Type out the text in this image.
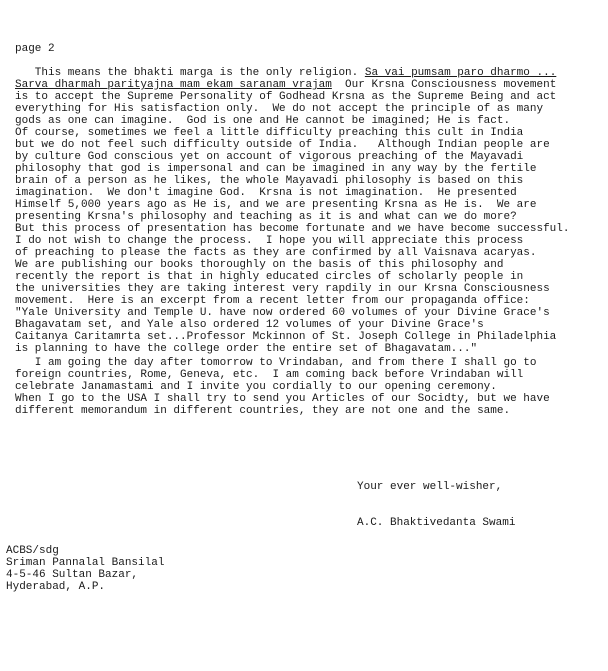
page 2
This means the bhakti marga is the only religion. Sa vai pumsam paro dharmo ...
Sarva dharmah parityajna mam ekam saranam vrajam  Our Krsna Consciousness movement
is to accept the Supreme Personality of Godhead Krsna as the Supreme Being and act
everything for His satisfaction only.  We do not accept the principle of as many
gods as one can imagine.  God is one and He cannot be imagined; He is fact.
Of course, sometimes we feel a little difficulty preaching this cult in India
but we do not feel such difficulty outside of India.   Although Indian people are
by culture God conscious yet on account of vigorous preaching of the Mayavadi
philosophy that god is impersonal and can be imagined in any way by the fertile
brain of a person as he likes, the whole Mayavadi philosophy is based on this
imagination.  We don't imagine God.  Krsna is not imagination.  He presented
Himself 5,000 years ago as He is, and we are presenting Krsna as He is.  We are
presenting Krsna's philosophy and teaching as it is and what can we do more?
But this process of presentation has become fortunate and we have become successful.
I do not wish to change the process.  I hope you will appreciate this process
of preaching to please the facts as they are confirmed by all Vaisnava acaryas.
We are publishing our books thoroughly on the basis of this philosophy and
recently the report is that in highly educated circles of scholarly people in
the universities they are taking interest very rapdily in our Krsna Consciousness
movement.  Here is an excerpt from a recent letter from our propaganda office:
"Yale University and Temple U. have now ordered 60 volumes of your Divine Grace's
Bhagavatam set, and Yale also ordered 12 volumes of your Divine Grace's
Caitanya Caritamrta set...Professor Mckinnon of St. Joseph College in Philadelphia
is planning to have the college order the entire set of Bhagavatam..."
I am going the day after tomorrow to Vrindaban, and from there I shall go to
foreign countries, Rome, Geneva, etc.  I am coming back before Vrindaban will
celebrate Janamastami and I invite you cordially to our opening ceremony.
When I go to the USA I shall try to send you Articles of our Socidty, but we have
different memorandum in different countries, they are not one and the same.
Your ever well-wisher,
A.C. Bhaktivedanta Swami
ACBS/sdg
Sriman Pannalal Bansilal
4-5-46 Sultan Bazar,
Hyderabad, A.P.
